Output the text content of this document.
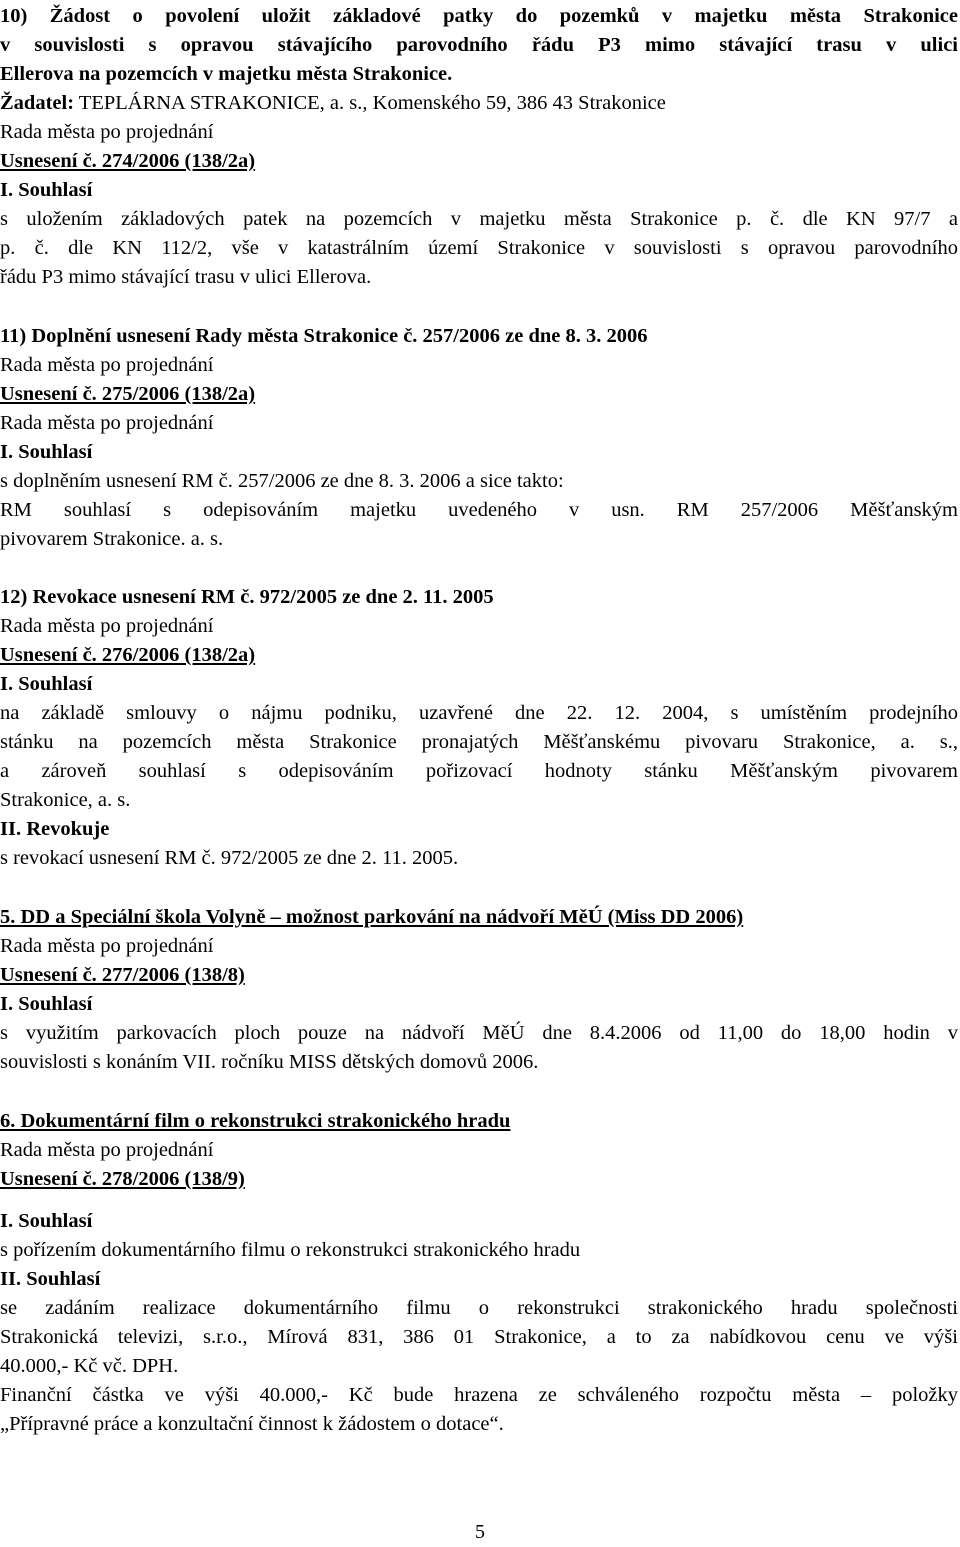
10) Žádost o povolení uložit základové patky do pozemků v majetku města Strakonice
v souvislosti s opravou stávajícího parovodního řádu P3 mimo stávající trasu v ulici
Ellerova na pozemcích v majetku města Strakonice.
Žadatel: TEPLÁRNA STRAKONICE, a. s., Komenského 59, 386 43 Strakonice
Rada města po projednání
Usnesení č. 274/2006 (138/2a)
I. Souhlasí
s uložením základových patek na pozemcích v majetku města Strakonice p. č. dle KN 97/7 a
p. č. dle KN 112/2, vše v katastrálním území Strakonice v souvislosti s opravou parovodního
řádu P3 mimo stávající trasu v ulici Ellerova.
11) Doplnění usnesení Rady města Strakonice č. 257/2006 ze dne 8. 3. 2006
Rada města po projednání
Usnesení č. 275/2006 (138/2a)
Rada města po projednání
I. Souhlasí
s doplněním usnesení RM č. 257/2006 ze dne 8. 3. 2006 a sice takto:
RM souhlasí s odepisováním majetku uvedeného v usn. RM 257/2006 Měšťanským
pivovarem Strakonice. a. s.
12) Revokace usnesení RM č. 972/2005 ze dne 2. 11. 2005
Rada města po projednání
Usnesení č. 276/2006 (138/2a)
I. Souhlasí
na základě smlouvy o nájmu podniku, uzavřené dne 22. 12. 2004, s umístěním prodejního
stánku na pozemcích města Strakonice pronajatých Měšťanskému pivovaru Strakonice, a. s.,
a zároveň souhlasí s odepisováním pořizovací hodnoty stánku Měšťanským pivovarem
Strakonice, a. s.
II. Revokuje
s revokací usnesení RM č. 972/2005 ze dne 2. 11. 2005.
5. DD a Speciální škola Volyně – možnost parkování na nádvoří MěÚ (Miss DD 2006)
Rada města po projednání
Usnesení č. 277/2006 (138/8)
I. Souhlasí
s využitím parkovacích ploch pouze na nádvoří MěÚ dne 8.4.2006 od 11,00 do 18,00 hodin v
souvislosti s konáním VII. ročníku MISS dětských domovů 2006.
6. Dokumentární film o rekonstrukci strakonického hradu
Rada města po projednání
Usnesení č. 278/2006 (138/9)
I. Souhlasí
s pořízením dokumentárního filmu o rekonstrukci strakonického hradu
II. Souhlasí
se zadáním realizace dokumentárního filmu o rekonstrukci strakonického hradu společnosti
Strakonická televizi, s.r.o., Mírová 831, 386 01 Strakonice, a to za nabídkovou cenu ve výši
40.000,- Kč vč. DPH.
Finanční částka ve výši 40.000,- Kč bude hrazena ze schváleného rozpočtu města – položky
„Přípravné práce a konzultační činnost k žádostem o dotace“.
5
